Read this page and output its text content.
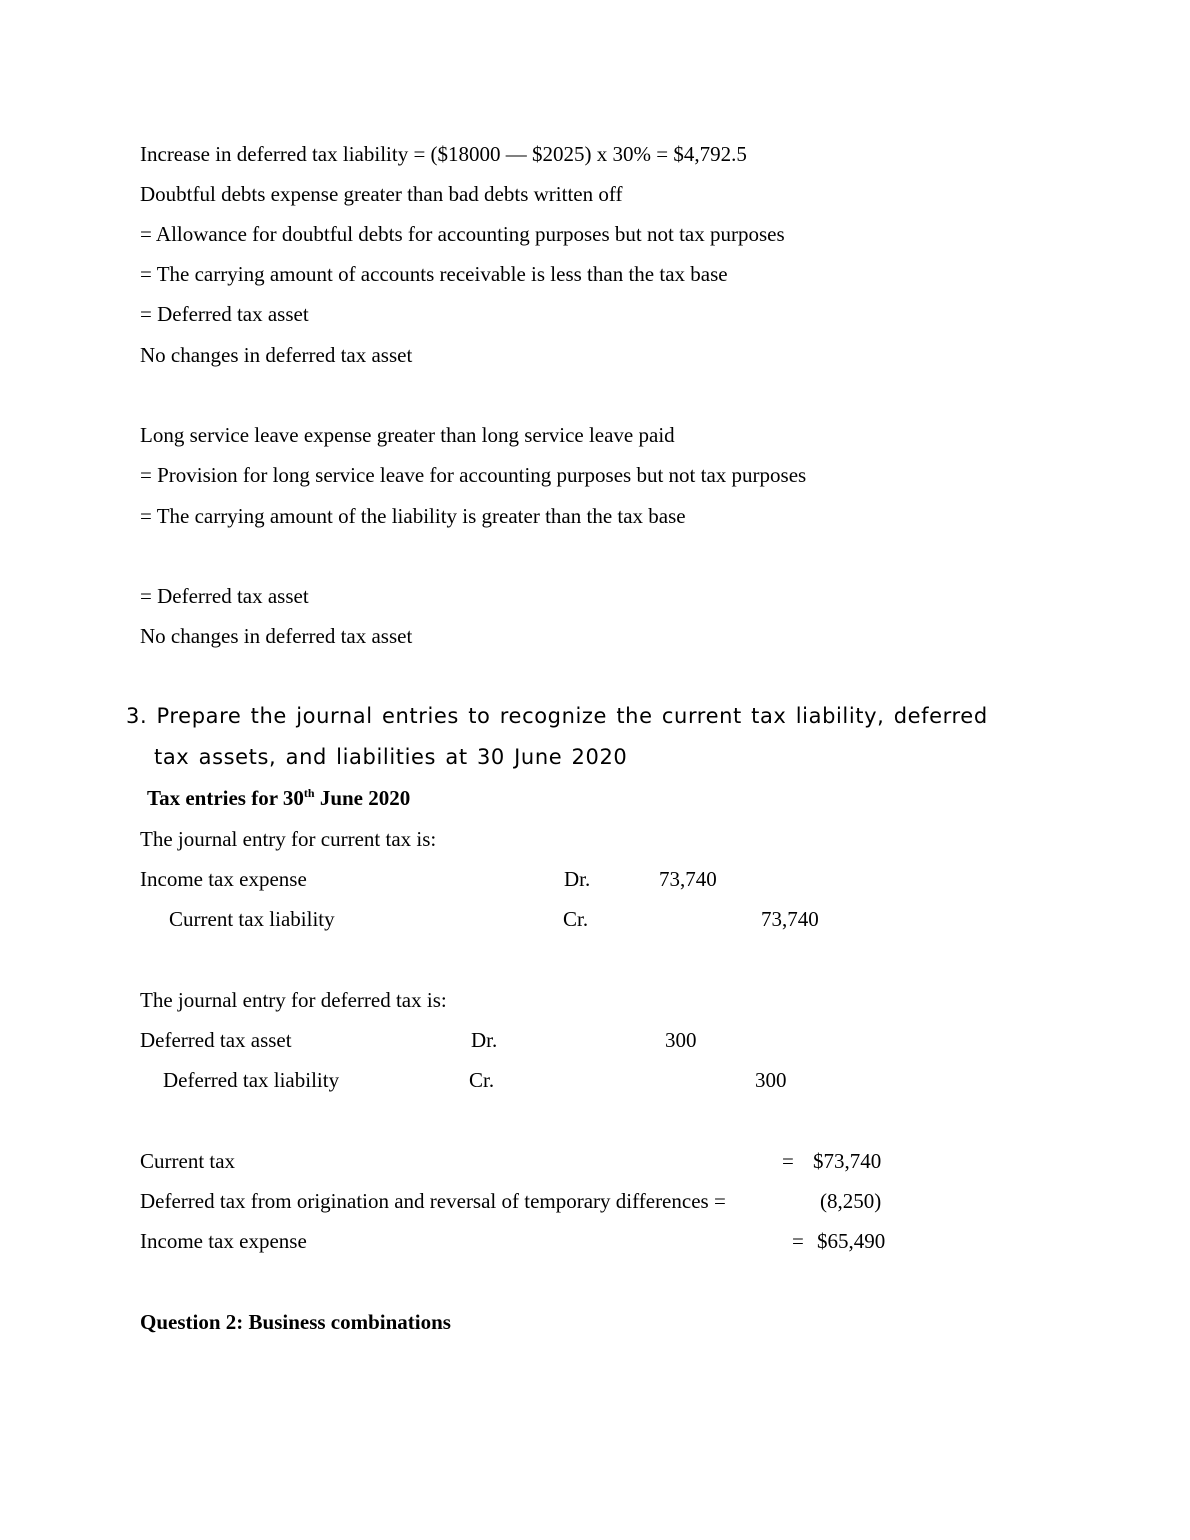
Increase in deferred tax liability = ($18000 — $2025) x 30% = $4,792.5
Doubtful debts expense greater than bad debts written off
= Allowance for doubtful debts for accounting purposes but not tax purposes
= The carrying amount of accounts receivable is less than the tax base
= Deferred tax asset
No changes in deferred tax asset
Long service leave expense greater than long service leave paid
= Provision for long service leave for accounting purposes but not tax purposes
= The carrying amount of the liability is greater than the tax base
= Deferred tax asset
No changes in deferred tax asset
3. Prepare the journal entries to recognize the current tax liability, deferred
tax assets, and liabilities at 30 June 2020
Tax entries for 30th June 2020
The journal entry for current tax is:
Income tax expense	Dr.	73,740
Current tax liability	Cr.	73,740
The journal entry for deferred tax is:
Deferred tax asset	Dr.	300
Deferred tax liability	Cr.	300
Current tax	= $73,740
Deferred tax from origination and reversal of temporary differences =	(8,250)
Income tax expense	= $65,490
Question 2: Business combinations
